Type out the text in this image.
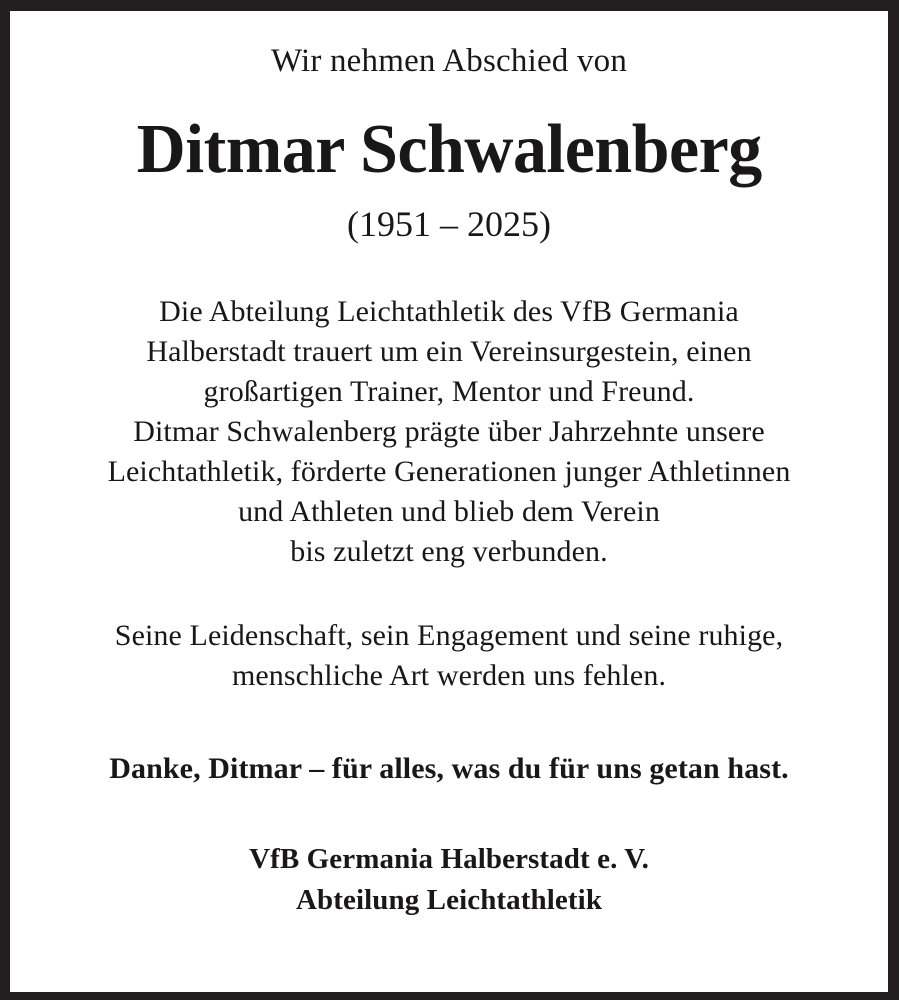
Wir nehmen Abschied von
Ditmar Schwalenberg
(1951 – 2025)
Die Abteilung Leichtathletik des VfB Germania
Halberstadt trauert um ein Vereinsurgestein, einen
großartigen Trainer, Mentor und Freund.
Ditmar Schwalenberg prägte über Jahrzehnte unsere
Leichtathletik, förderte Generationen junger Athletinnen
und Athleten und blieb dem Verein
bis zuletzt eng verbunden.
Seine Leidenschaft, sein Engagement und seine ruhige,
menschliche Art werden uns fehlen.
Danke, Ditmar – für alles, was du für uns getan hast.
VfB Germania Halberstadt e. V.
Abteilung Leichtathletik
